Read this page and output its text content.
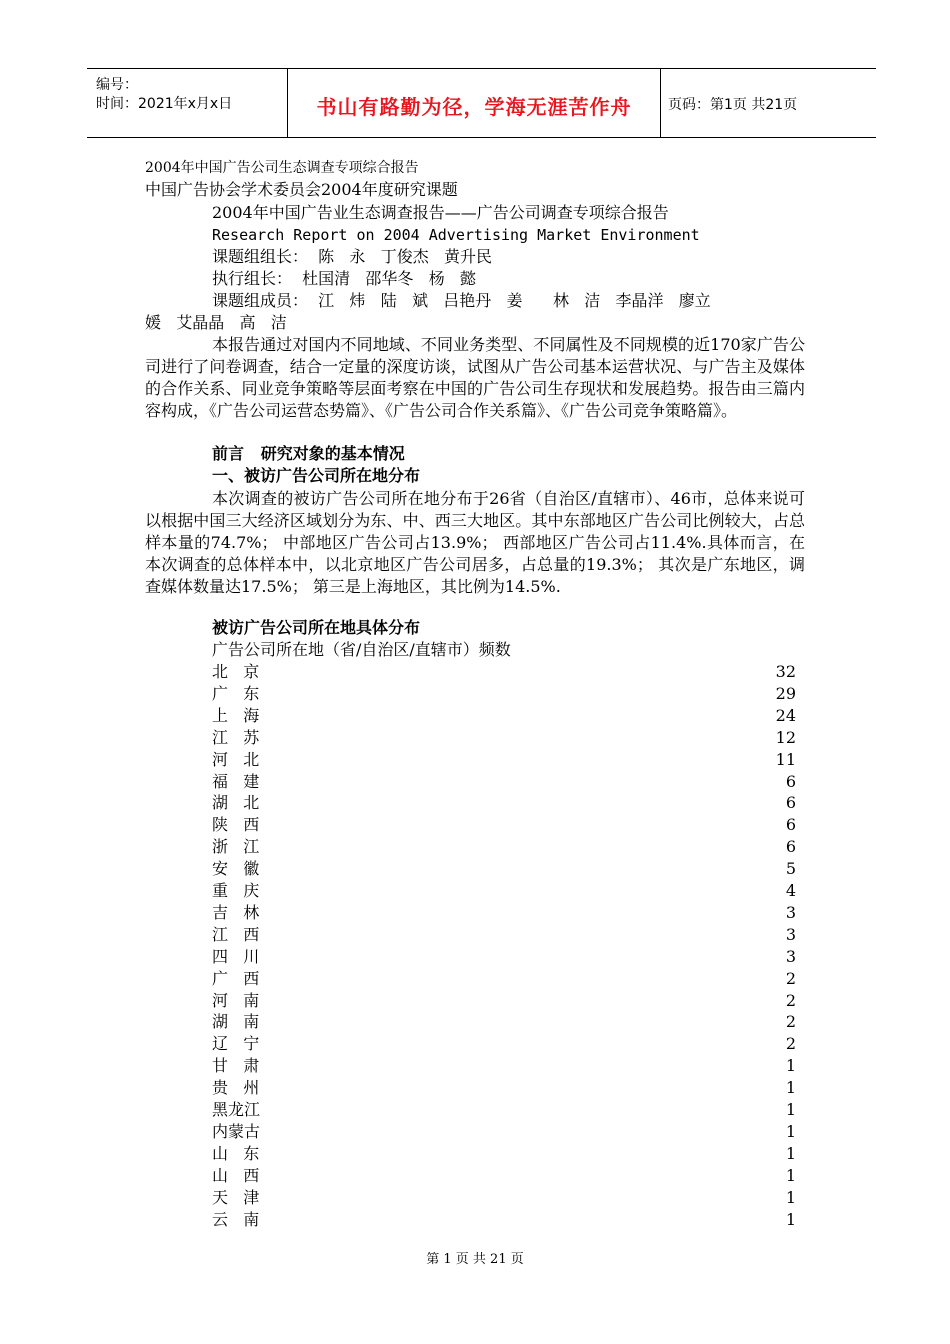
编号：
时间：2021年x月x日	书山有路勤为径，学海无涯苦作舟	页码：第1页 共21页
2004年中国广告公司生态调查专项综合报告
中国广告协会学术委员会2004年度研究课题
2004年中国广告业生态调查报告——广告公司调查专项综合报告
Research Report on 2004 Advertising Market Environment
课题组组长：  陈   永   丁俊杰   黄升民
执行组长：  杜国清   邵华冬   杨   懿
课题组成员：  江   炜   陆   斌   吕艳丹   姜      林   洁   李晶洋   廖立
媛   艾晶晶   高   洁
本报告通过对国内不同地域、不同业务类型、不同属性及不同规模的近170家广告公司进行了问卷调查，结合一定量的深度访谈，试图从广告公司基本运营状况、与广告主及媒体的合作关系、同业竞争策略等层面考察在中国的广告公司生存现状和发展趋势。报告由三篇内容构成，《广告公司运营态势篇》、《广告公司合作关系篇》、《广告公司竞争策略篇》。
前言   研究对象的基本情况
一、被访广告公司所在地分布
本次调查的被访广告公司所在地分布于26省（自治区/直辖市）、46市，总体来说可以根据中国三大经济区域划分为东、中、西三大地区。其中东部地区广告公司比例较大，占总样本量的74.7%； 中部地区广告公司占13.9%； 西部地区广告公司占11.4%.具体而言，在本次调查的总体样本中，以北京地区广告公司居多，占总量的19.3%； 其次是广东地区，调查媒体数量达17.5%； 第三是上海地区，其比例为14.5%.
被访广告公司所在地具体分布
广告公司所在地（省/自治区/直辖市）频数
北   京	32
广   东	29
上   海	24
江   苏	12
河   北	11
福   建	6
湖   北	6
陕   西	6
浙   江	6
安   徽	5
重   庆	4
吉   林	3
江   西	3
四   川	3
广   西	2
河   南	2
湖   南	2
辽   宁	2
甘   肃	1
贵   州	1
黑龙江	1
内蒙古	1
山   东	1
山   西	1
天   津	1
云   南	1
第 1 页 共 21 页
